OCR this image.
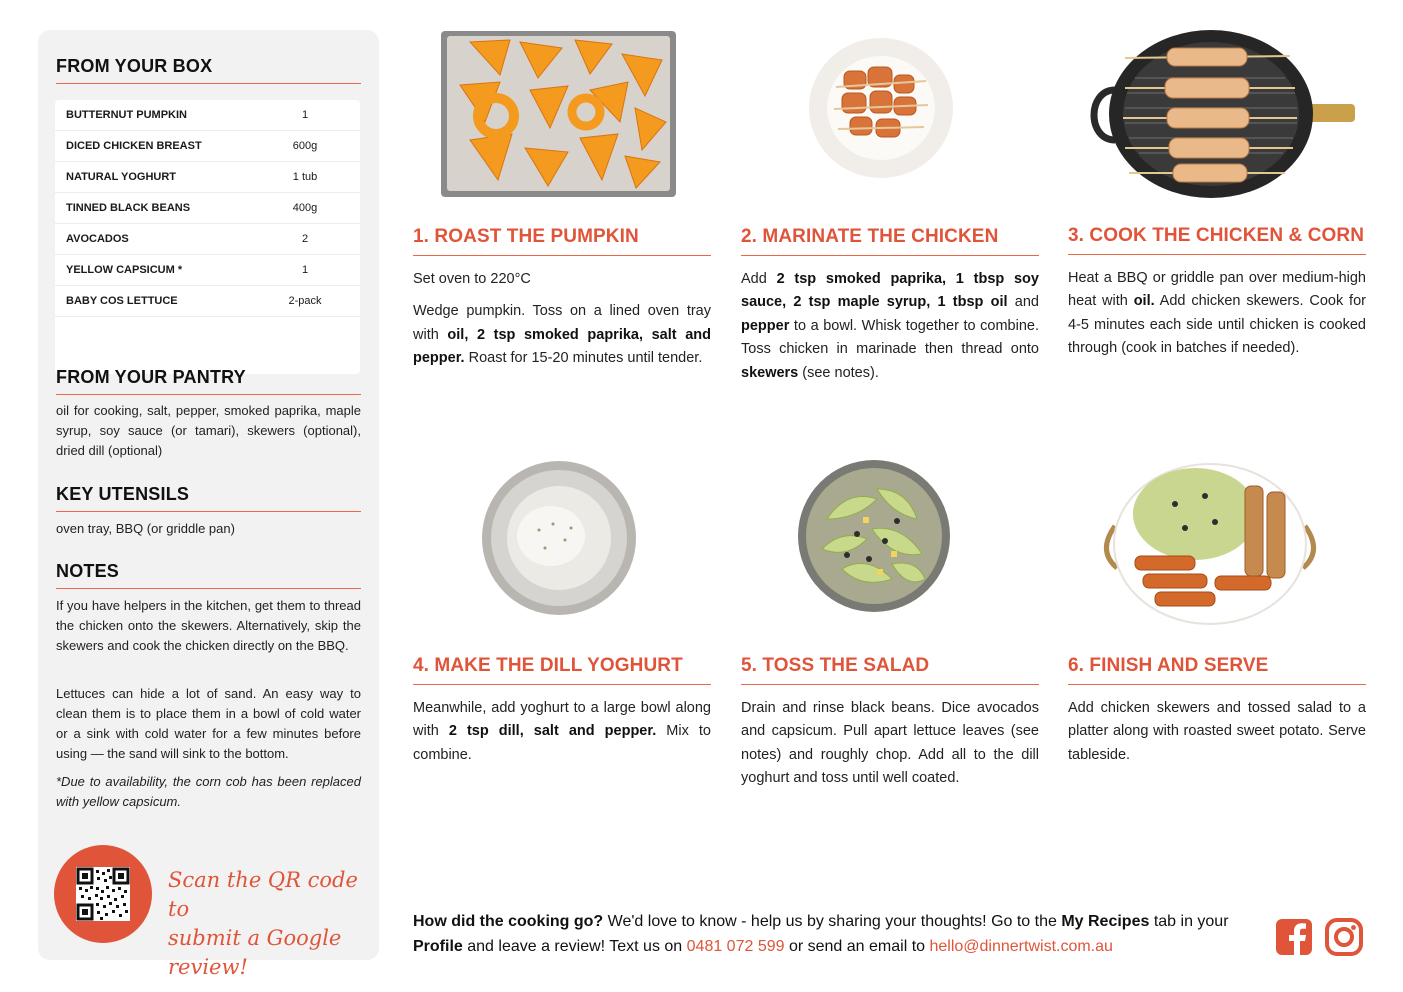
FROM YOUR BOX
BUTTERNUT PUMPKIN	1
DICED CHICKEN BREAST	600g
NATURAL YOGHURT	1 tub
TINNED BLACK BEANS	400g
AVOCADOS	2
YELLOW CAPSICUM *	1
BABY COS LETTUCE	2-pack
FROM YOUR PANTRY
oil for cooking, salt, pepper, smoked paprika, maple syrup, soy sauce (or tamari), skewers (optional), dried dill (optional)
KEY UTENSILS
oven tray, BBQ (or griddle pan)
NOTES
If you have helpers in the kitchen, get them to thread the chicken onto the skewers. Alternatively, skip the skewers and cook the chicken directly on the BBQ.
Lettuces can hide a lot of sand. An easy way to clean them is to place them in a bowl of cold water or a sink with cold water for a few minutes before using — the sand will sink to the bottom.
*Due to availability, the corn cob has been replaced with yellow capsicum.
Scan the QR code to
submit a Google review!
1. ROAST THE PUMPKIN

Set oven to 220°C

Wedge pumpkin. Toss on a lined oven tray with oil, 2 tsp smoked paprika, salt and pepper. Roast for 15-20 minutes until tender.

2. MARINATE THE CHICKEN

Add 2 tsp smoked paprika, 1 tbsp soy sauce, 2 tsp maple syrup, 1 tbsp oil and pepper to a bowl. Whisk together to combine. Toss chicken in marinade then thread onto skewers (see notes).

3. COOK THE CHICKEN & CORN

Heat a BBQ or griddle pan over medium-high heat with oil. Add chicken skewers. Cook for 4-5 minutes each side until chicken is cooked through (cook in batches if needed).

4. MAKE THE DILL YOGHURT

Meanwhile, add yoghurt to a large bowl along with 2 tsp dill, salt and pepper. Mix to combine.

5. TOSS THE SALAD

Drain and rinse black beans. Dice avocados and capsicum. Pull apart lettuce leaves (see notes) and roughly chop. Add all to the dill yoghurt and toss until well coated.

6. FINISH AND SERVE

Add chicken skewers and tossed salad to a platter along with roasted sweet potato. Serve tableside.

How did the cooking go? We'd love to know - help us by sharing your thoughts! Go to the My Recipes tab in your Profile and leave a review! Text us on 0481 072 599 or send an email to hello@dinnertwist.com.au
